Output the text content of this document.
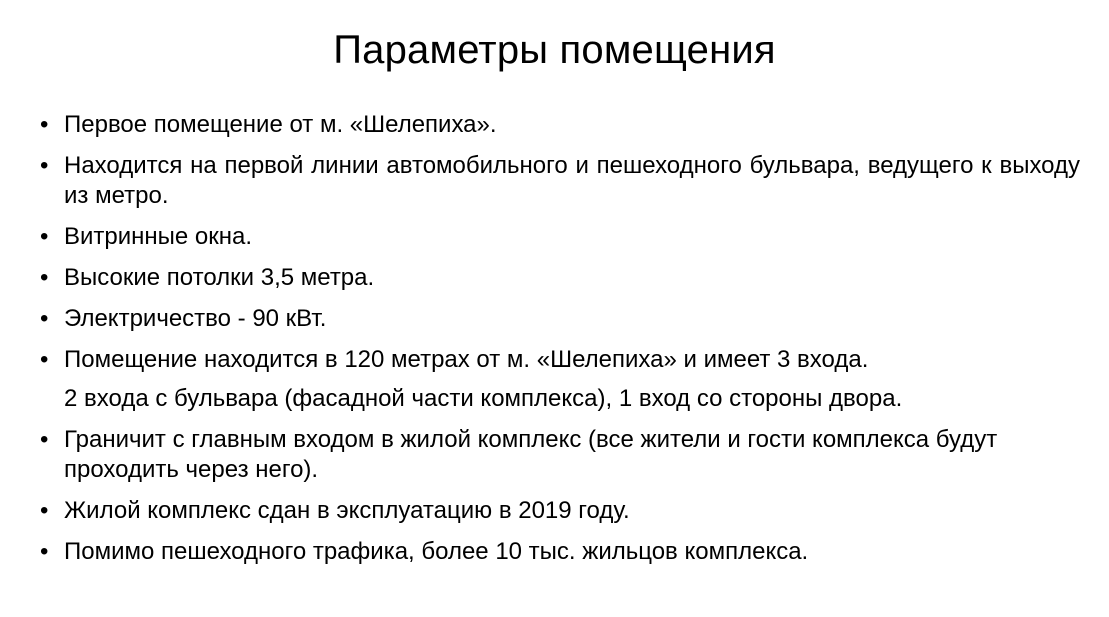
Параметры помещения
• Первое помещение от м. «Шелепиха».
• Находится на первой линии автомобильного и пешеходного бульвара, ведущего к выходу из метро.
• Витринные окна.
• Высокие потолки 3,5 метра.
• Электричество - 90 кВт.
• Помещение находится в 120 метрах от м. «Шелепиха» и имеет 3 входа.
2 входа с бульвара (фасадной части комплекса), 1 вход со стороны двора.
• Граничит с главным входом в жилой комплекс (все жители и гости комплекса будут проходить через него).
• Жилой комплекс сдан в эксплуатацию в 2019 году.
• Помимо пешеходного трафика, более 10 тыс. жильцов комплекса.
